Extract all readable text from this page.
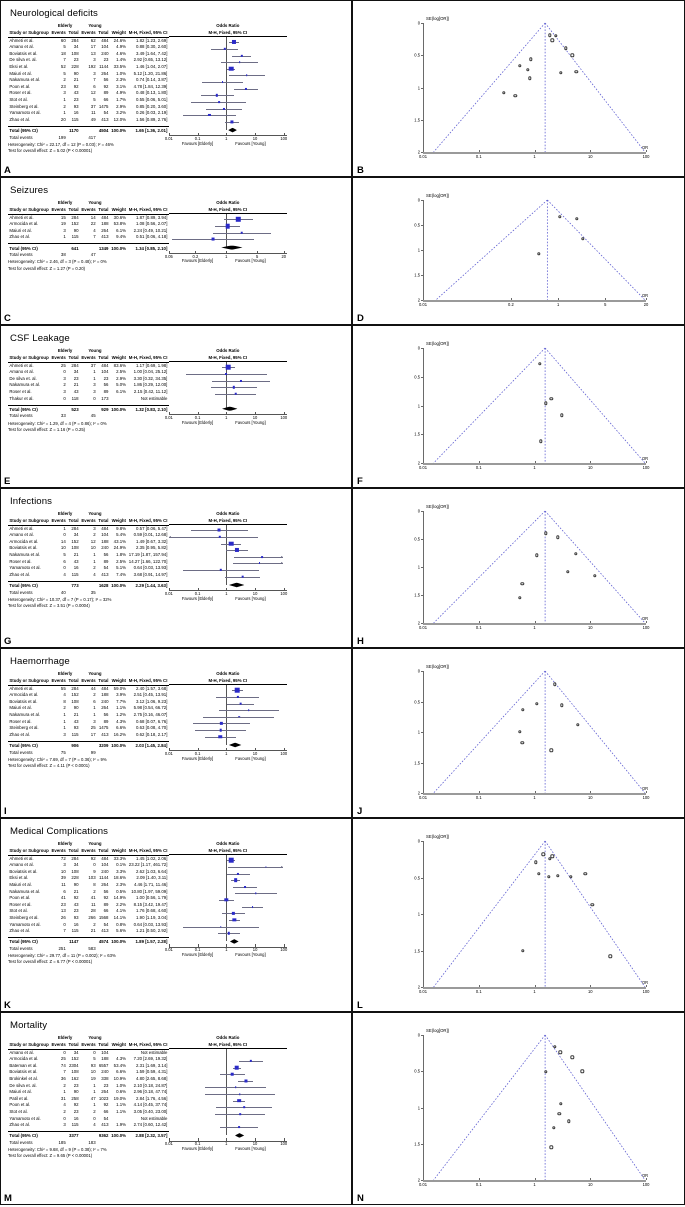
Neurological deficits
	Elderly		Young			
Study or Subgroup	Events	Total	Events	Total	Weight	M-H, Fixed, 95% CI
Ahmeti et al.	60	284	62	484	24.6%	1.82 [1.23, 2.69]
Amano et al.	5	34	17	104	4.9%	0.88 [0.30, 2.60]
Boviatsis et al.	18	108	13	240	4.6%	3.49 [1.64, 7.42]
De silva et. al.	7	23	3	23	1.4%	2.92 [0.65, 13.12]
Eksi et al.	52	228	192	1144	33.5%	1.46 [1.04, 2.07]
Maiuri et al.	5	90	3	264	1.0%	5.12 [1.20, 21.86]
Nakamura et al.	2	21	7	56	2.3%	0.74 [0.14, 3.87]
Poon et al.	23	92	6	92	3.1%	4.78 [1.84, 12.39]
Roser et al.	3	43	12	89	4.9%	0.48 [0.13, 1.80]
Stot et al.	1	23	5	66	1.7%	0.55 [0.06, 5.01]
Steinberg et al.	2	93	37	1475	2.9%	0.85 [0.20, 3.60]
Yamamoto et al.	1	16	11	54	3.2%	0.26 [0.03, 2.19]
Zhao et al.	20	115	49	413	12.0%	1.56 [0.89, 2.76]

Total (95% CI)		1170		4504	100.0%	1.65 [1.36, 2.01]
Total events	199		417			
Heterogeneity: Chi² = 22.17, df = 12 (P = 0.03); I² = 46%
Test for overall effect: Z = 5.02 (P < 0.00001)
Odds Ratio
M-H, Fixed, 95% CI
0.01	0.1	1	10	100
Favours [Elderly]	Favours [Young]
A
SE(log[OR])
0
0.5
1
1.5
2
0.01	0.1	1	10	100
OR
B
Seizures
	Elderly		Young			
Study or Subgroup	Events	Total	Events	Total	Weight	M-H, Fixed, 95% CI
Ahmeti et al.	15	284	14	484	30.6%	1.87 [0.89, 3.94]
Armocida et al.	19	152	22	188	53.8%	1.08 [0.56, 2.07]
Maiuri et al.	3	90	4	264	6.1%	2.24 [0.49, 10.21]
Zhao et al.	1	115	7	413	9.4%	0.51 [0.06, 4.18]

Total (95% CI)		641		1349	100.0%	1.34 [0.85, 2.10]
Total events	38		47			
Heterogeneity: Chi² = 2.46, df = 3 (P = 0.48); I² = 0%
Test for overall effect: Z = 1.27 (P = 0.20)
Odds Ratio
M-H, Fixed, 95% CI
0.05	0.2	1	5	20
Favours [Elderly]	Favours [Young]
C
SE(log[OR])
0
0.5
1
1.5
2
0.01	0.2	1	5	20
OR
D
CSF Leakage
	Elderly		Young			
Study or Subgroup	Events	Total	Events	Total	Weight	M-H, Fixed, 95% CI
Ahmeti et al.	25	284	37	484	83.6%	1.17 [0.69, 1.98]
Amano et al.	0	34	1	104	2.5%	1.00 [0.04, 25.12]
De silva et. al.	3	23	1	23	2.9%	3.30 [0.32, 34.35]
Nakamura et al.	2	21	3	56	5.0%	1.86 [0.29, 12.00]
Roser et al.	3	43	3	89	6.1%	2.15 [0.42, 11.12]
Thakur et al.	0	118	0	173		Not estimable

Total (95% CI)		523		929	100.0%	1.32 [0.83, 2.10]
Total events	33		45			
Heterogeneity: Chi² = 1.29, df = 4 (P = 0.86); I² = 0%
Test for overall effect: Z = 1.16 (P = 0.25)
Odds Ratio
M-H, Fixed, 95% CI
0.01	0.1	1	10	100
Favours [Elderly]	Favours [Young]
E
SE(log[OR])
0
0.5
1
1.5
2
0.01	0.1	1	10	100
OR
F
Infections
	Elderly		Young			
Study or Subgroup	Events	Total	Events	Total	Weight	M-H, Fixed, 95% CI
Ahmeti et al.	1	284	3	484	9.8%	0.57 [0.06, 5.47]
Amano et al.	0	34	2	104	5.4%	0.59 [0.01, 12.68]
Armocida et al.	14	152	12	188	43.1%	1.49 [0.67, 3.32]
Boviatsis et al.	10	108	10	240	24.9%	2.35 [0.95, 5.82]
Nakamura et al.	5	21	1	56	1.8%	17.19 [1.87, 157.94]
Roser et al.	6	43	1	89	2.5%	14.27 [1.66, 122.70]
Yamamoto et al.	0	16	2	54	5.1%	0.64 [0.03, 13.93]
Zhao et al.	4	115	4	413	7.4%	3.68 [0.91, 14.97]

Total (95% CI)		773		1628	100.0%	2.29 [1.44, 3.63]
Total events	40		35			
Heterogeneity: Chi² = 10.37, df = 7 (P = 0.17); I² = 32%
Test for overall effect: Z = 3.51 (P = 0.0004)
Odds Ratio
M-H, Fixed, 95% CI
0.01	0.1	1	10	100
Favours [Elderly]	Favours [Young]
G
SE(log[OR])
0
0.5
1
1.5
2
0.01	0.1	1	10	100
OR
H
Haemorrhage
	Elderly		Young			
Study or Subgroup	Events	Total	Events	Total	Weight	M-H, Fixed, 95% CI
Ahmeti et al.	55	284	44	484	59.0%	2.40 [1.57, 3.68]
Armocida et al.	4	152	2	188	3.9%	2.51 [0.45, 13.91]
Boviatsis et al.	8	108	6	240	7.7%	3.12 [1.06, 9.23]
Maiuri et al.	2	90	1	264	1.1%	5.98 [0.54, 66.72]
Nakamura et al.	1	21	1	56	1.2%	2.75 [0.16, 46.07]
Roser et al.	1	43	3	89	4.3%	0.68 [0.07, 6.76]
Steinberg et al.	1	93	25	1475	6.6%	0.63 [0.08, 4.70]
Zhao et al.	3	115	17	413	16.2%	0.62 [0.18, 2.17]

Total (95% CI)		906		3209	100.0%	2.03 [1.45, 2.84]
Total events	75		99			
Heterogeneity: Chi² = 7.69, df = 7 (P = 0.36); I² = 9%
Test for overall effect: Z = 4.11 (P < 0.0001)
Odds Ratio
M-H, Fixed, 95% CI
0.01	0.1	1	10	100
Favours [Elderly]	Favours [Young]
I
SE(log[OR])
0
0.5
1
1.5
2
0.01	0.1	1	10	100
OR
J
Medical Complications
	Elderly		Young			
Study or Subgroup	Events	Total	Events	Total	Weight	M-H, Fixed, 95% CI
Ahmeti et al.	72	284	92	484	33.3%	1.45 [1.02, 2.06]
Amano et al.	3	34	0	104	0.1%	23.22 [1.17, 461.72]
Boviatsis et al.	10	108	9	240	3.3%	2.62 [1.03, 6.64]
Eksi et al.	39	228	103	1144	18.6%	2.09 [1.40, 3.11]
Maiuri et al.	11	90	8	264	2.3%	4.46 [1.71, 11.46]
Nakamura et al.	6	21	2	56	0.5%	10.80 [1.97, 59.09]
Poon et al.	41	92	41	92	14.9%	1.00 [0.56, 1.79]
Roser et al.	23	43	11	89	2.2%	8.15 [3.42, 19.47]
Stot et al.	13	23	28	66	4.1%	1.76 [0.68, 4.60]
Steinberg et al.	26	93	266	1568	14.1%	1.90 [1.19, 3.04]
Yamamoto et al.	0	16	2	54	0.8%	0.64 [0.03, 13.93]
Zhao et al.	7	115	21	413	5.6%	1.21 [0.50, 2.92]

Total (95% CI)		1147		4574	100.0%	1.89 [1.57, 2.28]
Total events	251		583			
Heterogeneity: Chi² = 29.77, df = 11 (P = 0.002); I² = 63%
Test for overall effect: Z = 6.77 (P < 0.00001)
Odds Ratio
M-H, Fixed, 95% CI
0.01	0.1	1	10	100
Favours [Elderly]	Favours [Young]
K
SE(log[OR])
0
0.5
1
1.5
2
0.01	0.1	1	10	100
OR
L
Mortality
	Elderly		Young			
Study or Subgroup	Events	Total	Events	Total	Weight	M-H, Fixed, 95% CI
Amano et al.	0	34	0	104		Not estimable
Armocida et al.	25	152	5	188	4.3%	7.20 [2.69, 19.32]
Bateman et al.	74	2304	93	6557	53.4%	2.31 [1.69, 3.14]
Boviatsis et al.	7	108	10	240	6.6%	1.59 [0.59, 4.31]
Brokinkel et al.	36	162	19	338	10.9%	4.80 [2.65, 8.68]
De silva et. al.	2	23	1	23	1.0%	2.10 [0.18, 24.87]
Maiuri et al.	1	90	1	264	0.6%	2.96 [0.18, 47.74]
Patil et al.	31	258	47	1023	19.0%	2.84 [1.76, 4.56]
Poon et al.	4	92	1	92	1.1%	4.14 [0.45, 37.74]
Stot et al.	2	23	2	66	1.1%	3.05 [0.40, 23.00]
Yamamoto et al.	0	16	0	54		Not estimable
Zhao et al.	3	115	4	413	1.9%	2.74 [0.60, 12.42]

Total (95% CI)		3377		9362	100.0%	2.88 [2.32, 3.57]
Total events	185		183			
Heterogeneity: Chi² = 9.68, df = 9 (P = 0.38); I² = 7%
Test for overall effect: Z = 9.65 (P < 0.00001)
Odds Ratio
M-H, Fixed, 95% CI
0.01	0.1	1	10	100
Favours [Elderly]	Favours [Young]
M
SE(log[OR])
0
0.5
1
1.5
2
0.01	0.1	1	10	100
OR
N
